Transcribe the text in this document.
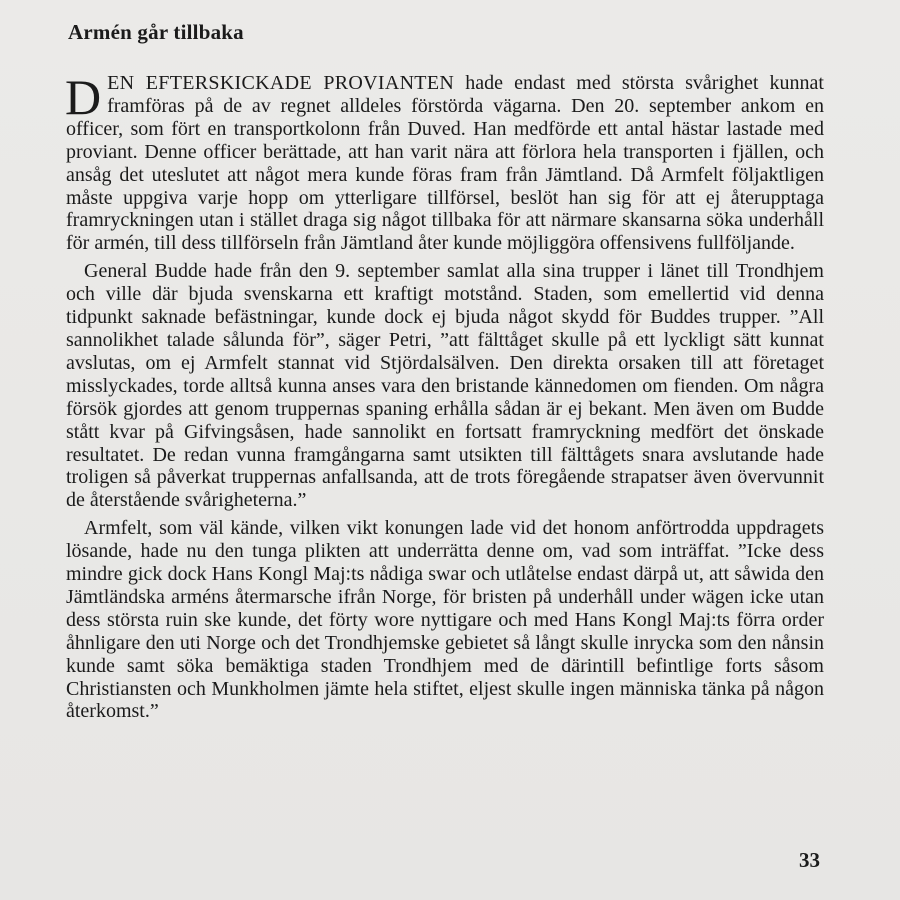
Armén går tillbaka

DEN EFTERSKICKADE PROVIANTEN hade endast med största svårighet kunnat framföras på de av regnet alldeles förstörda vägarna. Den 20. september ankom en officer, som fört en transportkolonn från Duved. Han medförde ett antal hästar lastade med proviant. Denne officer berättade, att han varit nära att förlora hela transporten i fjällen, och ansåg det uteslutet att något mera kunde föras fram från Jämtland. Då Armfelt följaktligen måste uppgiva varje hopp om ytterligare tillförsel, beslöt han sig för att ej återupptaga framryckningen utan i stället draga sig något tillbaka för att närmare skansarna söka underhåll för armén, till dess tillförseln från Jämtland åter kunde möjliggöra offensivens fullföljande.

General Budde hade från den 9. september samlat alla sina trupper i länet till Trondhjem och ville där bjuda svenskarna ett kraftigt motstånd. Staden, som emellertid vid denna tidpunkt saknade befästningar, kunde dock ej bjuda något skydd för Buddes trupper. ”All sannolikhet talade sålunda för”, säger Petri, ”att fälttåget skulle på ett lyckligt sätt kunnat avslutas, om ej Armfelt stannat vid Stjördalsälven. Den direkta orsaken till att företaget misslyckades, torde alltså kunna anses vara den bristande kännedomen om fienden. Om några försök gjordes att genom truppernas spaning erhålla sådan är ej bekant. Men även om Budde stått kvar på Gifvingsåsen, hade sannolikt en fortsatt framryckning medfört det önskade resultatet. De redan vunna framgångarna samt utsikten till fälttågets snara avslutande hade troligen så påverkat truppernas anfallsanda, att de trots föregående strapatser även övervunnit de återstående svårigheterna.”

Armfelt, som väl kände, vilken vikt konungen lade vid det honom anförtrodda uppdragets lösande, hade nu den tunga plikten att underrätta denne om, vad som inträffat. ”Icke dess mindre gick dock Hans Kongl Maj:ts nådiga swar och utlåtelse endast därpå ut, att såwida den Jämtländska arméns återmarsche ifrån Norge, för bristen på underhåll under wägen icke utan dess största ruin ske kunde, det förty wore nyttigare och med Hans Kongl Maj:ts förra order åhnligare den uti Norge och det Trondhjemske gebietet så långt skulle inrycka som den nånsin kunde samt söka bemäktiga staden Trondhjem med de därintill befintlige forts såsom Christiansten och Munkholmen jämte hela stiftet, eljest skulle ingen människa tänka på någon återkomst.”

33
